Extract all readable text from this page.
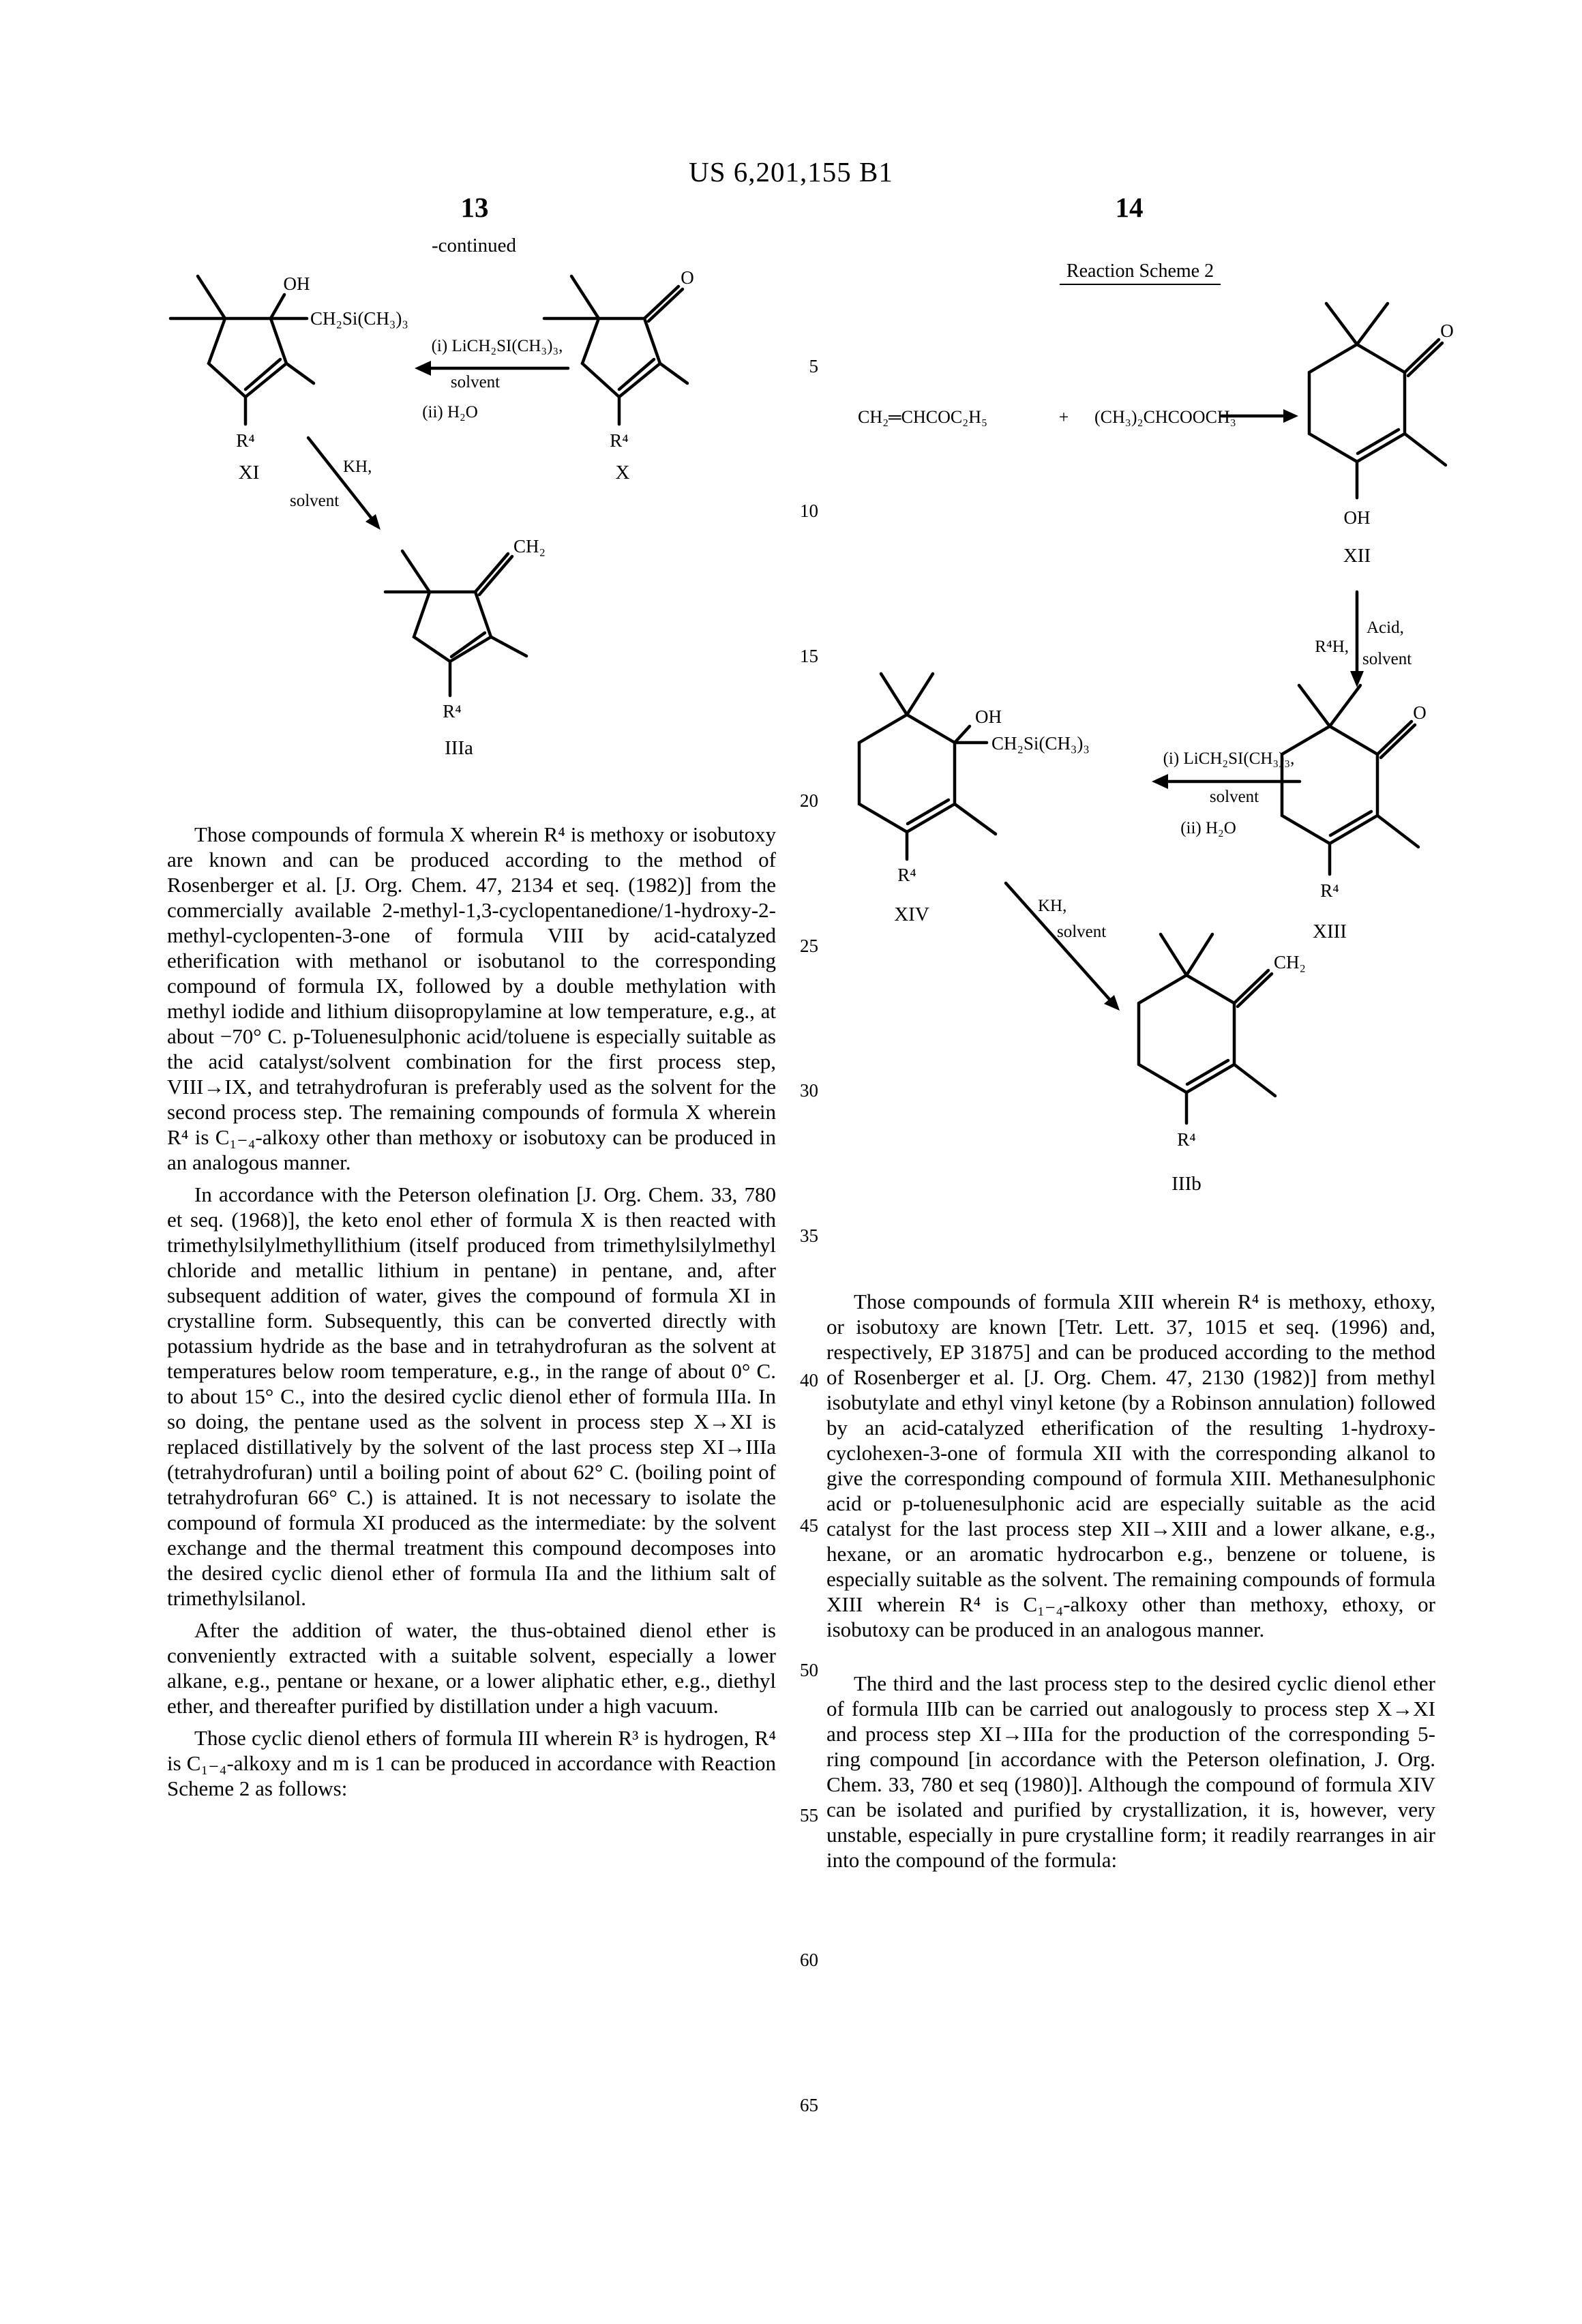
US 6,201,155 B1
13	14
5
10
15
20
25
30
35
40
45
50
55
60
65
-continued
OH
CH₂Si(CH₃)₃
R⁴
XI
(i) LiCH₂SI(CH₃)₃,
solvent
(ii) H₂O
O
R⁴
X
KH,
solvent
CH₂
R⁴
IIIa

Those compounds of formula X wherein R⁴ is methoxy or isobutoxy are known and can be produced according to the method of Rosenberger et al. [J. Org. Chem. 47, 2134 et seq. (1982)] from the commercially available 2-methyl-1,3-cyclopentanedione/1-hydroxy-2-methyl-cyclopenten-3-one of formula VIII by acid-catalyzed etherification with methanol or isobutanol to the corresponding compound of formula IX, followed by a double methylation with methyl iodide and lithium diisopropylamine at low temperature, e.g., at about −70° C. p-Toluenesulphonic acid/toluene is especially suitable as the acid catalyst/solvent combination for the first process step, VIII→IX, and tetrahydrofuran is preferably used as the solvent for the second process step. The remaining compounds of formula X wherein R⁴ is C₁₋₄-alkoxy other than methoxy or isobutoxy can be produced in an analogous manner.

In accordance with the Peterson olefination [J. Org. Chem. 33, 780 et seq. (1968)], the keto enol ether of formula X is then reacted with trimethylsilylmethyllithium (itself produced from trimethylsilylmethyl chloride and metallic lithium in pentane) in pentane, and, after subsequent addition of water, gives the compound of formula XI in crystalline form. Subsequently, this can be converted directly with potassium hydride as the base and in tetrahydrofuran as the solvent at temperatures below room temperature, e.g., in the range of about 0° C. to about 15° C., into the desired cyclic dienol ether of formula IIIa. In so doing, the pentane used as the solvent in process step X→XI is replaced distillatively by the solvent of the last process step XI→IIIa (tetrahydrofuran) until a boiling point of about 62° C. (boiling point of tetrahydrofuran 66° C.) is attained. It is not necessary to isolate the compound of formula XI produced as the intermediate: by the solvent exchange and the thermal treatment this compound decomposes into the desired cyclic dienol ether of formula IIa and the lithium salt of trimethylsilanol.

After the addition of water, the thus-obtained dienol ether is conveniently extracted with a suitable solvent, especially a lower alkane, e.g., pentane or hexane, or a lower aliphatic ether, e.g., diethyl ether, and thereafter purified by distillation under a high vacuum.

Those cyclic dienol ethers of formula III wherein R³ is hydrogen, R⁴ is C₁₋₄-alkoxy and m is 1 can be produced in accordance with Reaction Scheme 2 as follows:

Reaction Scheme 2
CH₂═CHCOC₂H₅	+ (CH₃)₂CHCOOCH₃
O
OH
XII
R⁴H,
Acid,
solvent
O
R⁴
XIII
(i) LiCH₂SI(CH₃)₃,
solvent
(ii) H₂O
OH
CH₂Si(CH₃)₃
R⁴
XIV	KH,
solvent
CH₂
R⁴
IIIb

Those compounds of formula XIII wherein R⁴ is methoxy, ethoxy, or isobutoxy are known [Tetr. Lett. 37, 1015 et seq. (1996) and, respectively, EP 31875] and can be produced according to the method of Rosenberger et al. [J. Org. Chem. 47, 2130 (1982)] from methyl isobutylate and ethyl vinyl ketone (by a Robinson annulation) followed by an acid-catalyzed etherification of the resulting 1-hydroxy-cyclohexen-3-one of formula XII with the corresponding alkanol to give the corresponding compound of formula XIII. Methanesulphonic acid or p-toluenesulphonic acid are especially suitable as the acid catalyst for the last process step XII→XIII and a lower alkane, e.g., hexane, or an aromatic hydrocarbon e.g., benzene or toluene, is especially suitable as the solvent. The remaining compounds of formula XIII wherein R⁴ is C₁₋₄-alkoxy other than methoxy, ethoxy, or isobutoxy can be produced in an analogous manner.

The third and the last process step to the desired cyclic dienol ether of formula IIIb can be carried out analogously to process step X→XI and process step XI→IIIa for the production of the corresponding 5-ring compound [in accordance with the Peterson olefination, J. Org. Chem. 33, 780 et seq (1980)]. Although the compound of formula XIV can be isolated and purified by crystallization, it is, however, very unstable, especially in pure crystalline form; it readily rearranges in air into the compound of the formula:
